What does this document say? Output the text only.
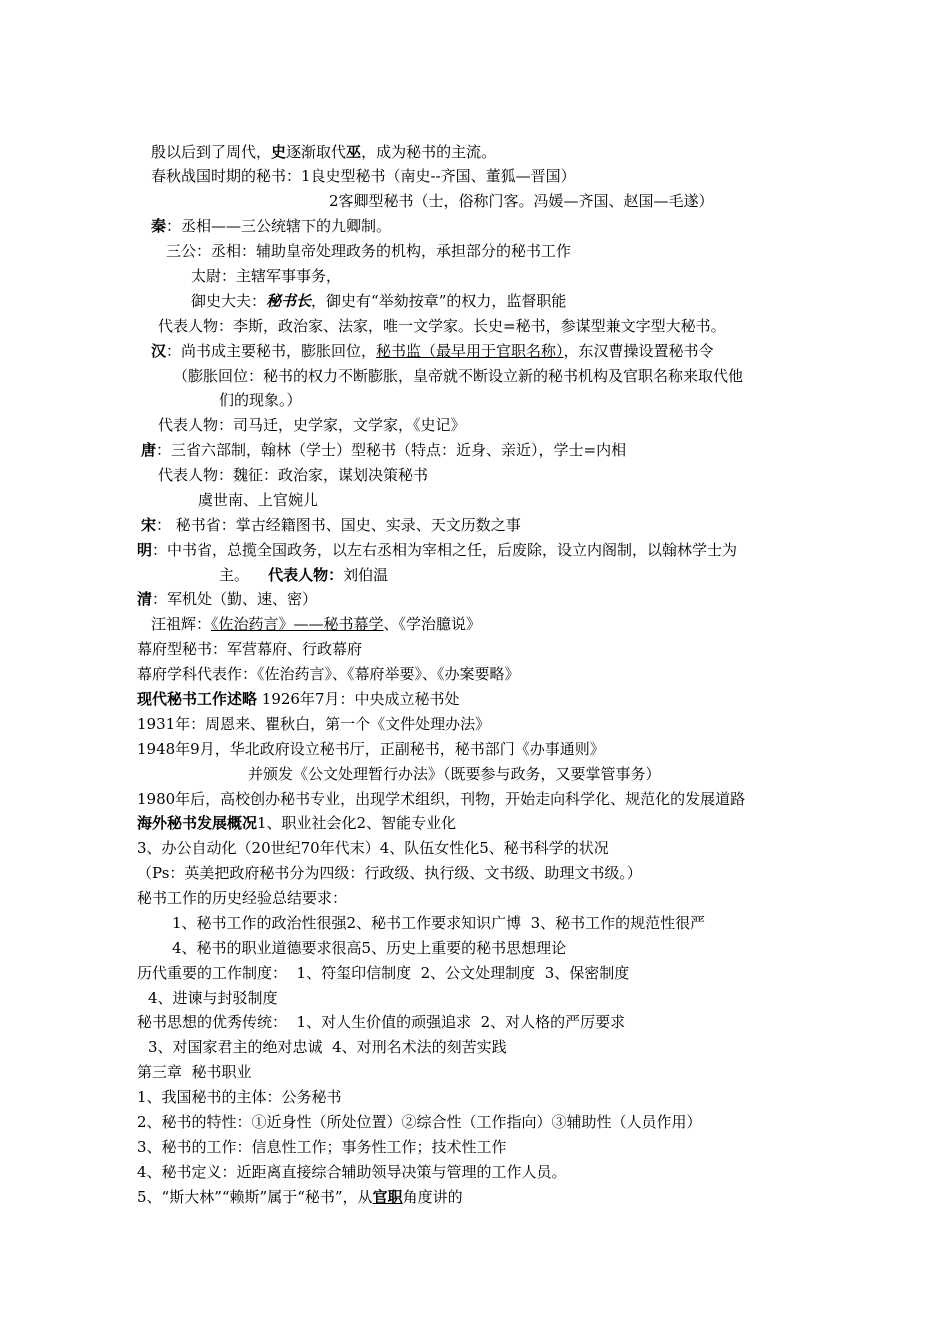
殷以后到了周代，史逐渐取代巫，成为秘书的主流。
春秋战国时期的秘书：1良史型秘书（南史--齐国、董狐—晋国）
2客卿型秘书（士，俗称门客。冯媛—齐国、赵国—毛遂）
秦：丞相——三公统辖下的九卿制。
三公：丞相：辅助皇帝处理政务的机构，承担部分的秘书工作
太尉：主辖军事事务，
御史大夫：秘书长，御史有“举劾按章”的权力，监督职能
代表人物：李斯，政治家、法家，唯一文学家。长史=秘书，参谋型兼文字型大秘书。
汉：尚书成主要秘书，膨胀回位，秘书监（最早用于官职名称），东汉曹操设置秘书令
（膨胀回位：秘书的权力不断膨胀，皇帝就不断设立新的秘书机构及官职名称来取代他
们的现象。）
代表人物：司马迁，史学家，文学家，《史记》
唐：三省六部制，翰林（学士）型秘书（特点：近身、亲近），学士=内相
代表人物：魏征：政治家，谋划决策秘书
虞世南、上官婉儿
宋： 秘书省：掌古经籍图书、国史、实录、天文历数之事
明：中书省，总揽全国政务，以左右丞相为宰相之任，后废除，设立内阁制，以翰林学士为
主。    代表人物：刘伯温
清：军机处（勤、速、密）
汪祖辉：《佐治药言》——秘书幕学、《学治臆说》
幕府型秘书：军营幕府、行政幕府
幕府学科代表作：《佐治药言》、《幕府举要》、《办案要略》
现代秘书工作述略 1926年7月：中央成立秘书处
1931年：周恩来、瞿秋白，第一个《文件处理办法》
1948年9月，华北政府设立秘书厅，正副秘书，秘书部门《办事通则》
并颁发《公文处理暂行办法》（既要参与政务，又要掌管事务）
1980年后，高校创办秘书专业，出现学术组织，刊物，开始走向科学化、规范化的发展道路
海外秘书发展概况1、职业社会化2、智能专业化
3、办公自动化（20世纪70年代末）4、队伍女性化5、秘书科学的状况
（Ps：英美把政府秘书分为四级：行政级、执行级、文书级、助理文书级。）
秘书工作的历史经验总结要求：
1、秘书工作的政治性很强2、秘书工作要求知识广博  3、秘书工作的规范性很严
4、秘书的职业道德要求很高5、历史上重要的秘书思想理论
历代重要的工作制度：  1、符玺印信制度  2、公文处理制度  3、保密制度
4、进谏与封驳制度
秘书思想的优秀传统：  1、对人生价值的顽强追求  2、对人格的严厉要求
3、对国家君主的绝对忠诚  4、对刑名术法的刻苦实践
第三章  秘书职业
1、我国秘书的主体：公务秘书
2、秘书的特性：①近身性（所处位置）②综合性（工作指向）③辅助性（人员作用）
3、秘书的工作：信息性工作；事务性工作；技术性工作
4、秘书定义：近距离直接综合辅助领导决策与管理的工作人员。
5、“斯大林”“赖斯”属于“秘书”，从官职角度讲的
